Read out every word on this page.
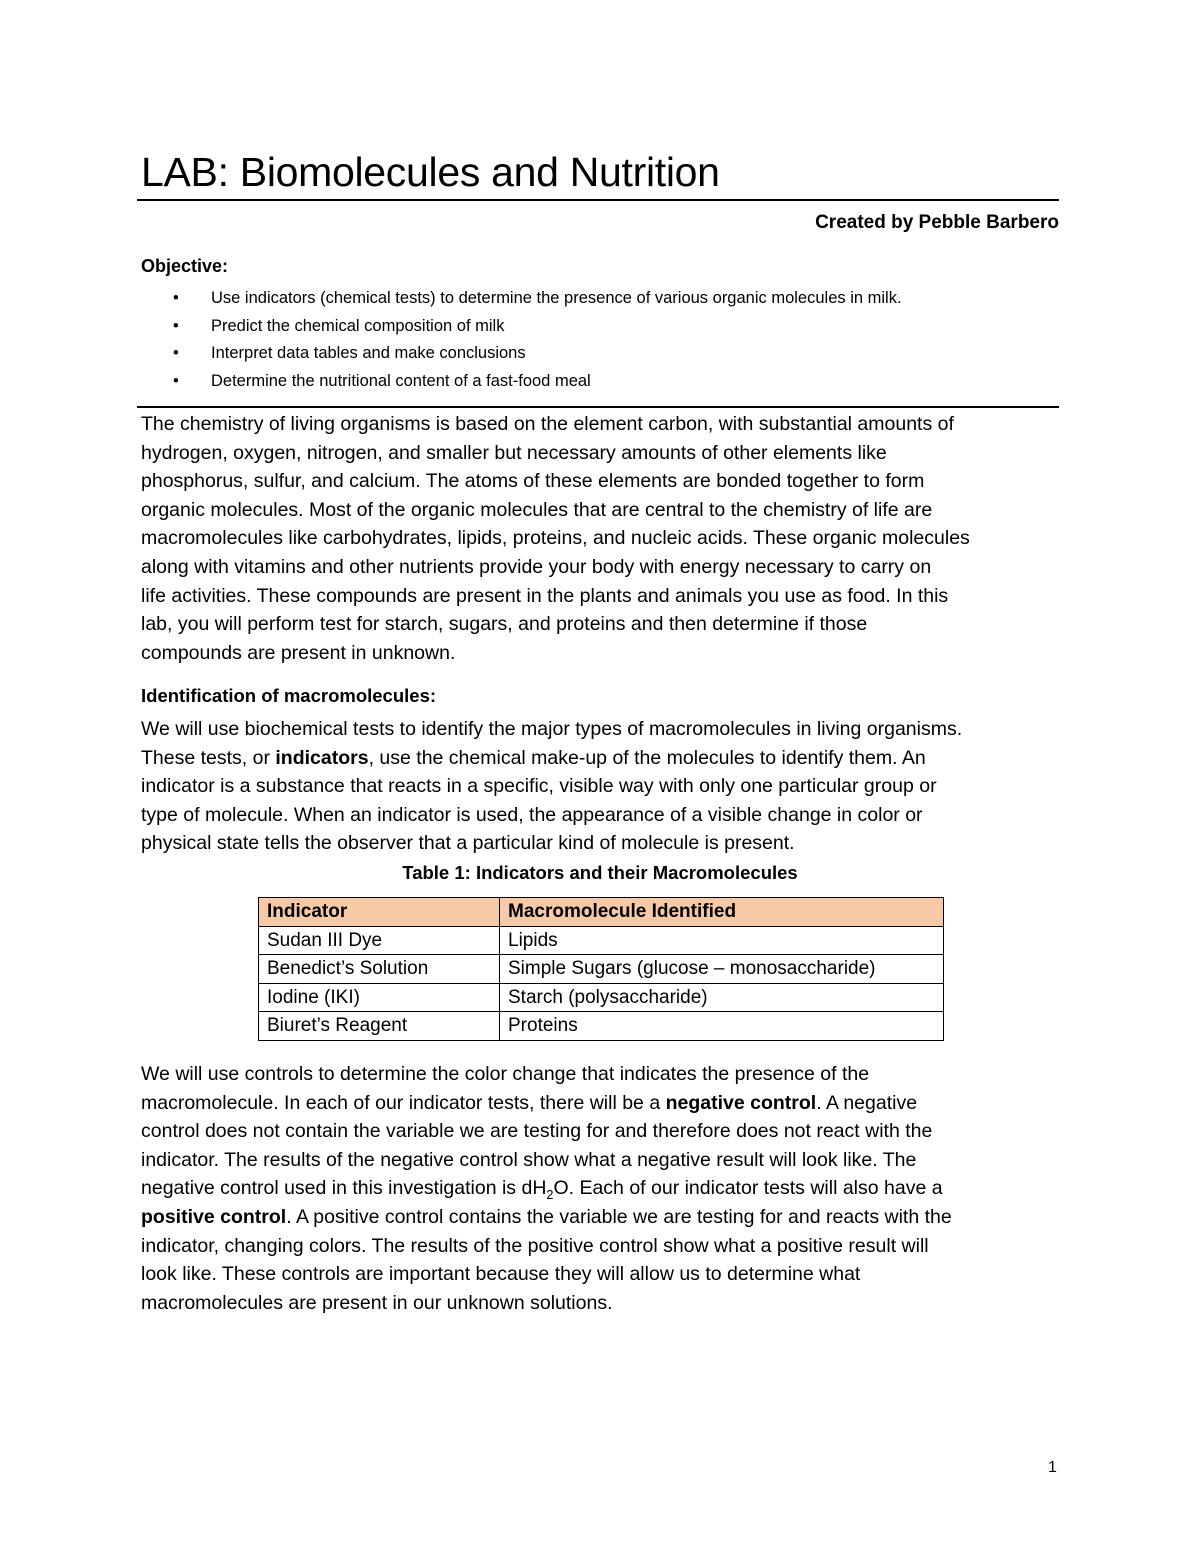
LAB: Biomolecules and Nutrition
Created by Pebble Barbero
Objective:
• Use indicators (chemical tests) to determine the presence of various organic molecules in milk.
• Predict the chemical composition of milk
• Interpret data tables and make conclusions
• Determine the nutritional content of a fast-food meal
The chemistry of living organisms is based on the element carbon, with substantial amounts of
hydrogen, oxygen, nitrogen, and smaller but necessary amounts of other elements like
phosphorus, sulfur, and calcium. The atoms of these elements are bonded together to form
organic molecules. Most of the organic molecules that are central to the chemistry of life are
macromolecules like carbohydrates, lipids, proteins, and nucleic acids. These organic molecules
along with vitamins and other nutrients provide your body with energy necessary to carry on
life activities. These compounds are present in the plants and animals you use as food. In this
lab, you will perform test for starch, sugars, and proteins and then determine if those
compounds are present in unknown.
Identification of macromolecules:
We will use biochemical tests to identify the major types of macromolecules in living organisms.
These tests, or indicators, use the chemical make-up of the molecules to identify them. An
indicator is a substance that reacts in a specific, visible way with only one particular group or
type of molecule. When an indicator is used, the appearance of a visible change in color or
physical state tells the observer that a particular kind of molecule is present.
Table 1: Indicators and their Macromolecules
Indicator	Macromolecule Identified
Sudan III Dye	Lipids
Benedict’s Solution	Simple Sugars (glucose – monosaccharide)
Iodine (IKI)	Starch (polysaccharide)
Biuret’s Reagent	Proteins
We will use controls to determine the color change that indicates the presence of the
macromolecule. In each of our indicator tests, there will be a negative control. A negative
control does not contain the variable we are testing for and therefore does not react with the
indicator. The results of the negative control show what a negative result will look like. The
negative control used in this investigation is $dH_2O$. Each of our indicator tests will also have a
positive control. A positive control contains the variable we are testing for and reacts with the
indicator, changing colors. The results of the positive control show what a positive result will
look like. These controls are important because they will allow us to determine what
macromolecules are present in our unknown solutions.
1
